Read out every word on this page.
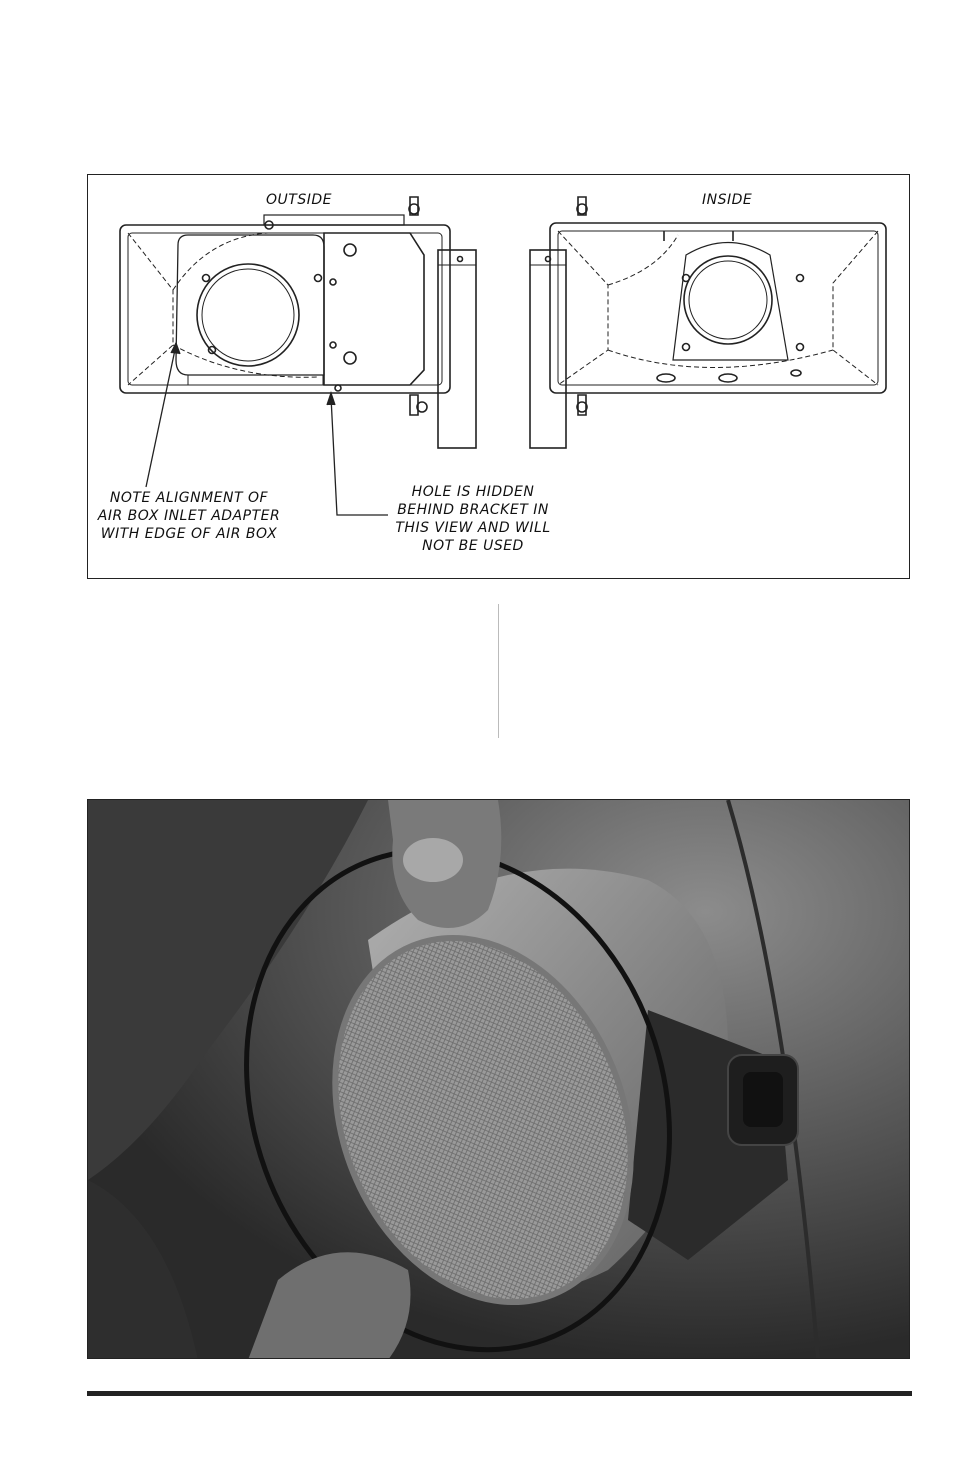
OUTSIDE	INSIDE
NOTE ALIGNMENT OF
AIR BOX INLET ADAPTER
WITH EDGE OF AIR BOX
HOLE IS HIDDEN
BEHIND BRACKET IN
THIS VIEW AND WILL
NOT BE USED
